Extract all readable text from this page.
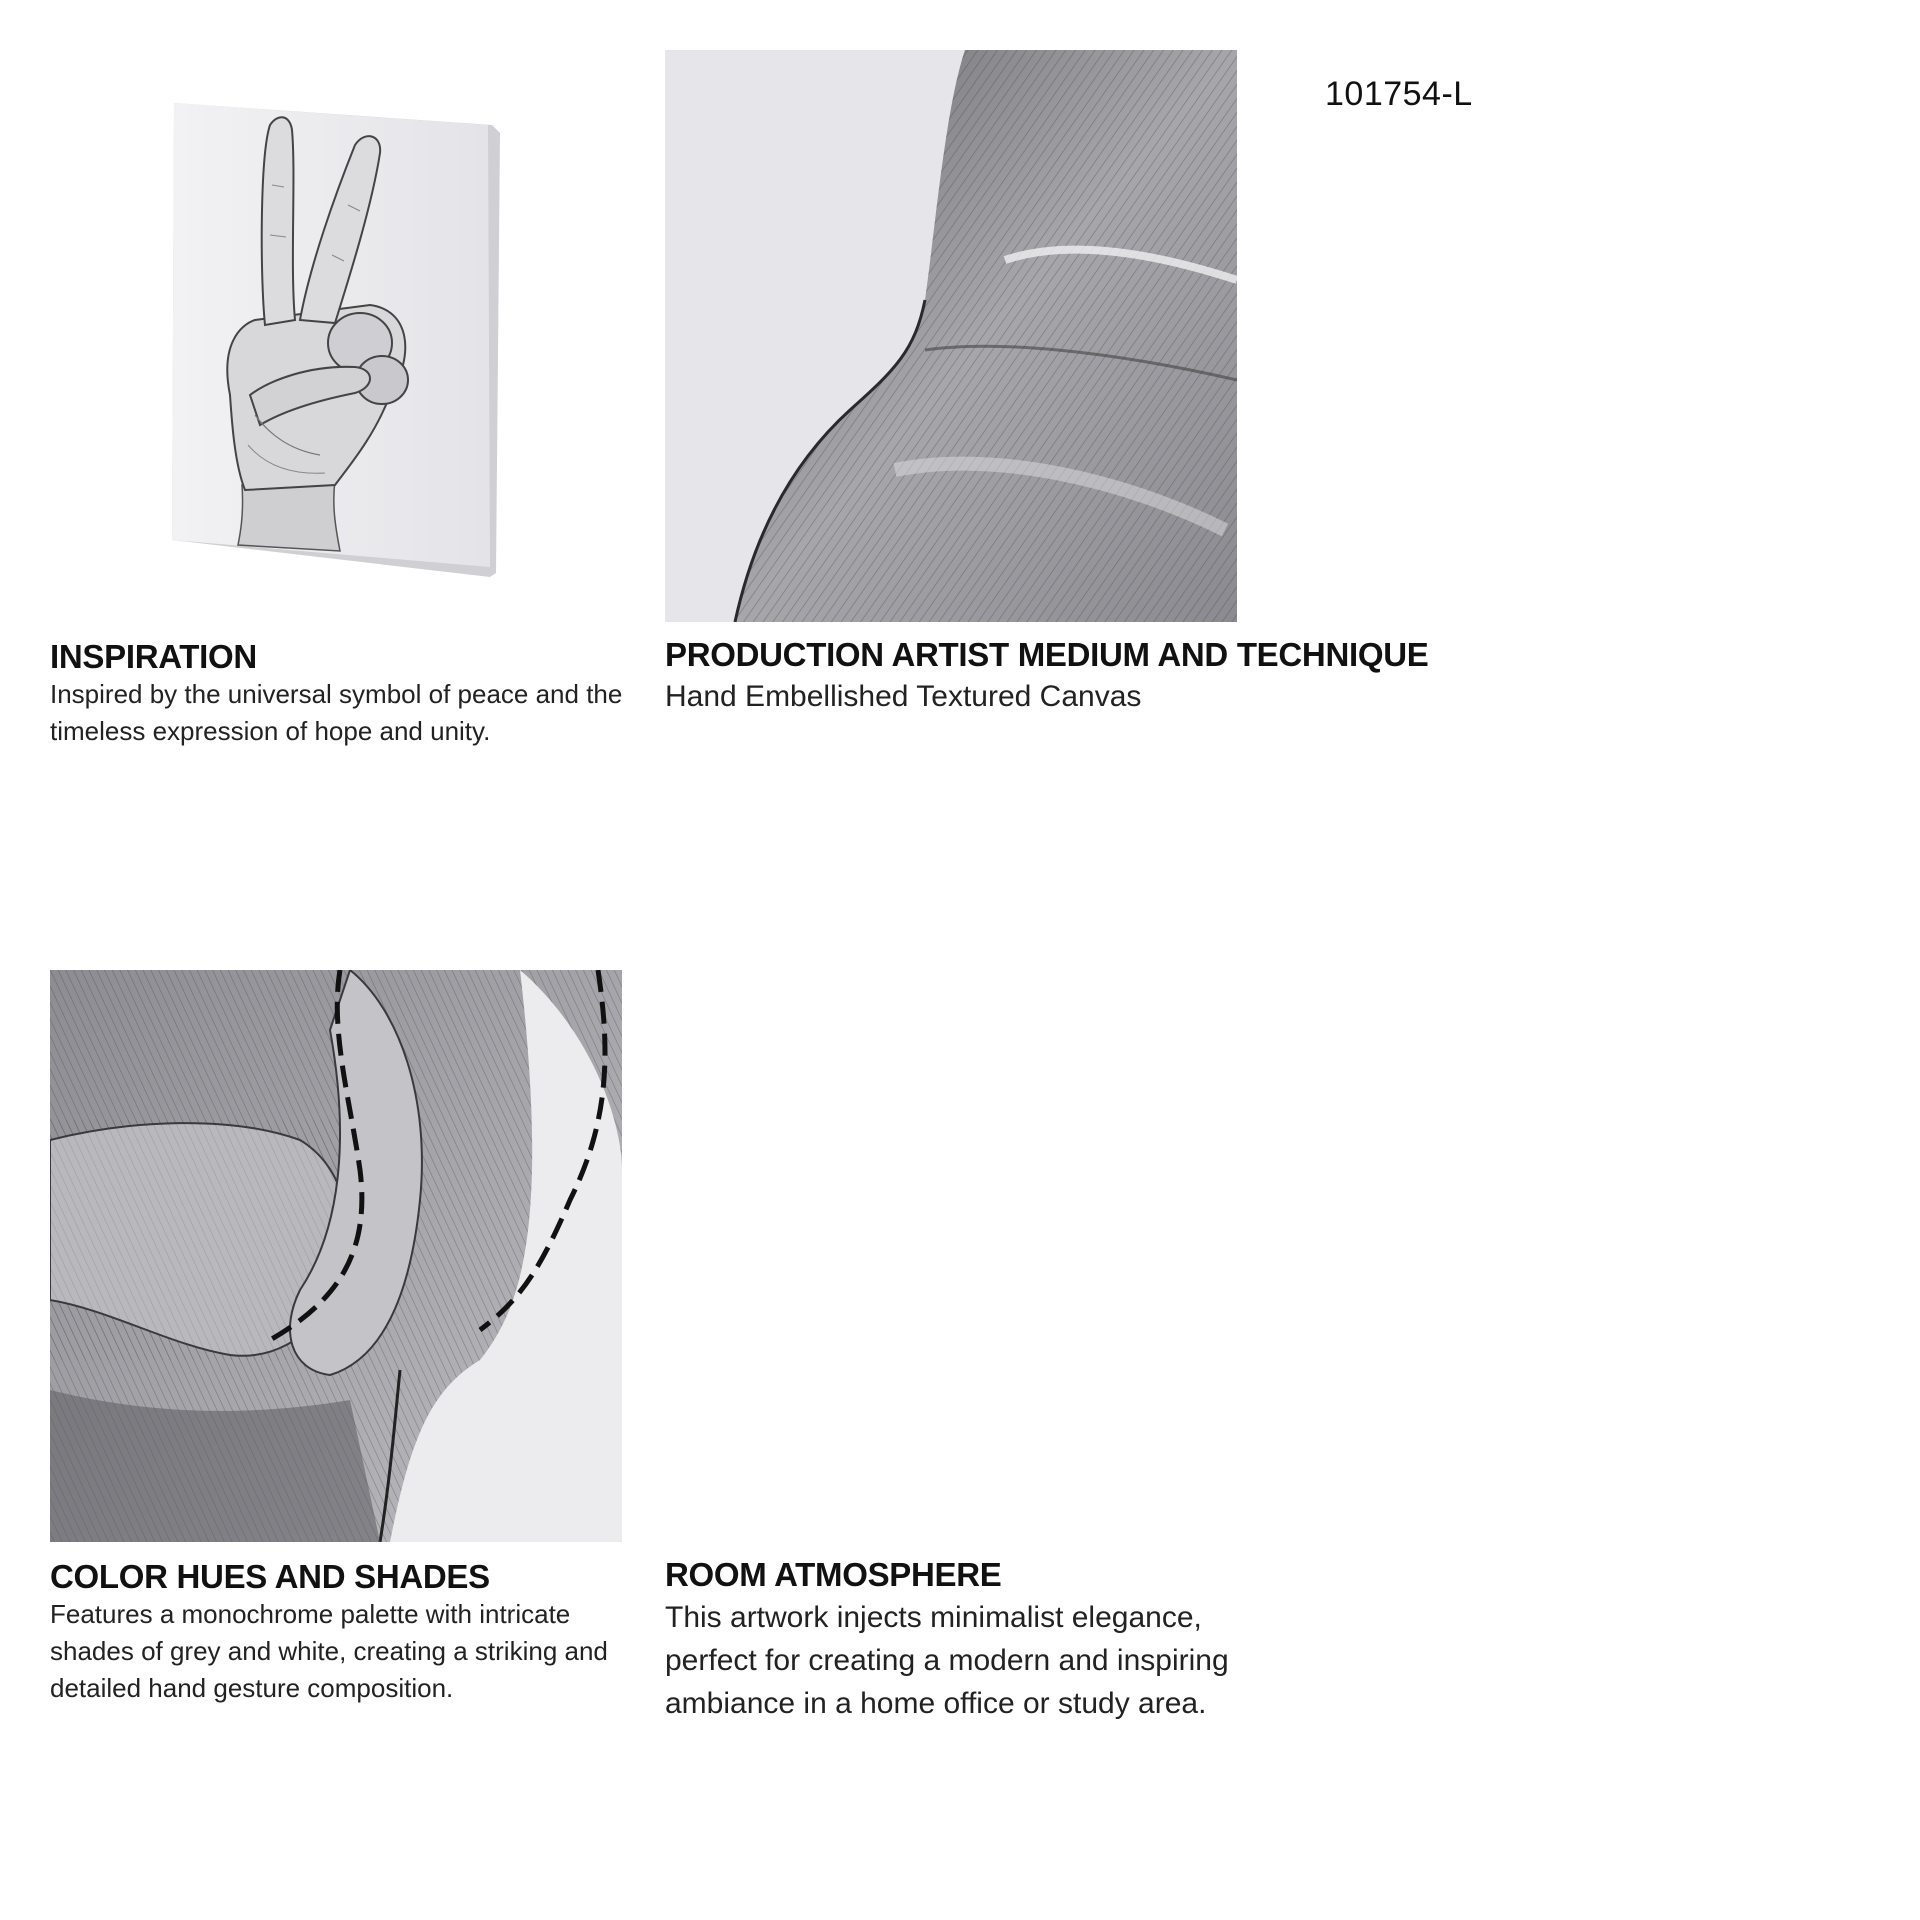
101754-L
INSPIRATION
Inspired by the universal symbol of peace and the timeless expression of hope and unity.
PRODUCTION ARTIST MEDIUM AND TECHNIQUE
Hand Embellished Textured Canvas
COLOR HUES AND SHADES
Features a monochrome palette with intricate shades of grey and white, creating a striking and detailed hand gesture composition.
ROOM ATMOSPHERE
This artwork injects minimalist elegance, perfect for creating a modern and inspiring ambiance in a home office or study area.
